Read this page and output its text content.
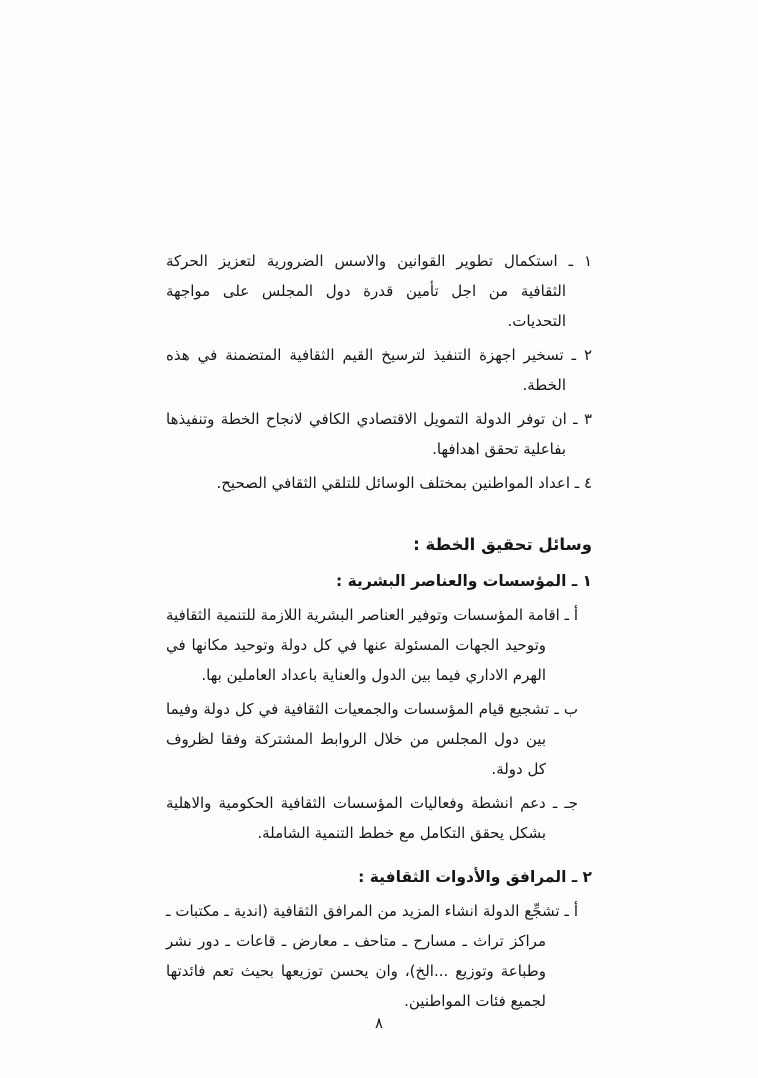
١ ـ استكمال تطوير القوانين والاسس الضرورية لتعزيز الحركة الثقافية من اجل تأمين قدرة دول المجلس على مواجهة التحديات.

٢ ـ تسخير اجهزة التنفيذ لترسيخ القيم الثقافية المتضمنة في هذه الخطة.

٣ ـ ان توفر الدولة التمويل الاقتصادي الكافي لانجاح الخطة وتنفيذها بفاعلية تحقق اهدافها.

٤ ـ اعداد المواطنين بمختلف الوسائل للتلقي الثقافي الصحيح.

وسائل تحقيق الخطة :

١ ـ المؤسسات والعناصر البشرية :

أ ـ اقامة المؤسسات وتوفير العناصر البشرية اللازمة للتنمية الثقافية وتوحيد الجهات المسئولة عنها في كل دولة وتوحيد مكانها في الهرم الاداري فيما بين الدول والعناية باعداد العاملين بها.

ب ـ تشجيع قيام المؤسسات والجمعيات الثقافية في كل دولة وفيما بين دول المجلس من خلال الروابط المشتركة وفقا لظروف كل دولة.

جـ ـ دعم انشطة وفعاليات المؤسسات الثقافية الحكومية والاهلية بشكل يحقق التكامل مع خطط التنمية الشاملة.

٢ ـ المرافق والأدوات الثقافية :

أ ـ تشجِّع الدولة انشاء المزيد من المرافق الثقافية (اندية ـ مكتبات ـ مراكز تراث ـ مسارح ـ متاحف ـ معارض ـ قاعات ـ دور نشر وطباعة وتوزيع ...الخ)، وان يحسن توزيعها بحيث تعم فائدتها لجميع فئات المواطنين.

٨
